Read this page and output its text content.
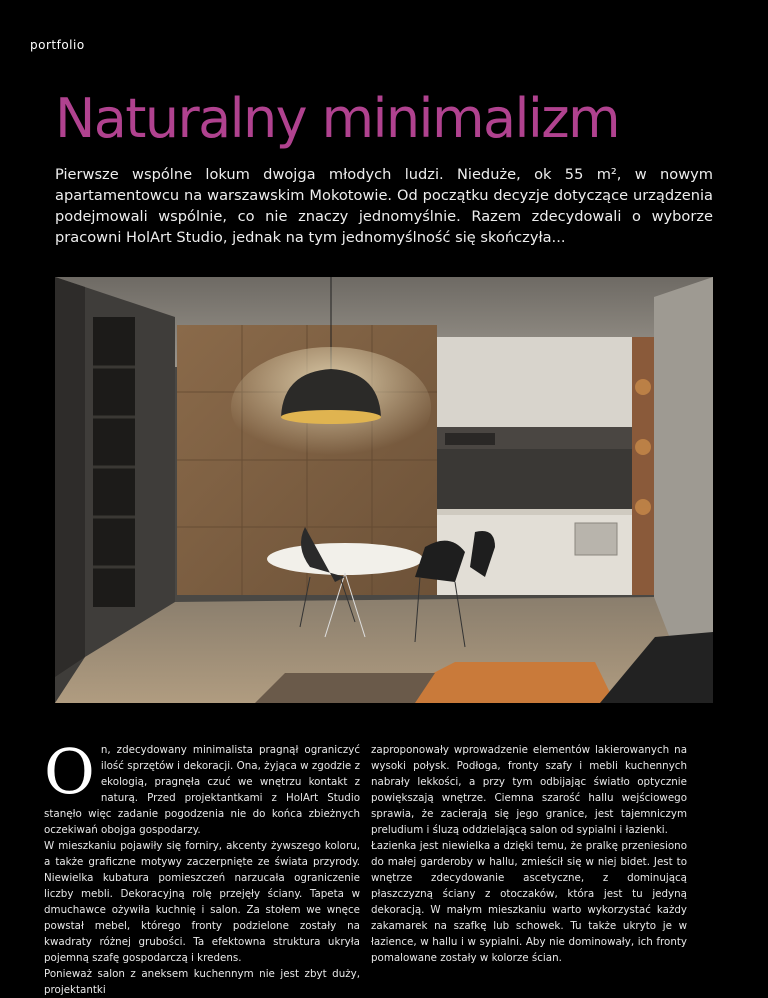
portfolio
Naturalny minimalizm

Pierwsze wspólne lokum dwojga młodych ludzi. Nieduże, ok 55 m², w nowym apartamentowcu na warszawskim Mokotowie. Od początku decyzje dotyczące urządzenia podejmowali wspólnie, co nie znaczy jednomyślnie. Razem zdecydowali o wyborze pracowni HolArt Studio, jednak na tym jednomyślność się skończyła...

O n, zdecydowany minimalista pragnął ograniczyć ilość sprzętów i dekoracji. Ona, żyjąca w zgodzie z ekologią, pragnęła czuć we wnętrzu kontakt z naturą. Przed projektantkami z HolArt Studio stanęło więc zadanie pogodzenia nie do końca zbieżnych oczekiwań obojga gospodarzy.

W mieszkaniu pojawiły się forniry, akcenty żywszego koloru, a także graficzne motywy zaczerpnięte ze świata przyrody. Niewielka kubatura pomieszczeń narzucała ograniczenie liczby mebli. Dekoracyjną rolę przejęły ściany. Tapeta w dmuchawce ożywiła kuchnię i salon. Za stołem we wnęce powstał mebel, którego fronty podzielone zostały na kwadraty różnej grubości. Ta efektowna struktura ukryła pojemną szafę gospodarczą i kredens.

Ponieważ salon z aneksem kuchennym nie jest zbyt duży, projektantki

zaproponowały wprowadzenie elementów lakierowanych na wysoki połysk. Podłoga, fronty szafy i mebli kuchennych nabrały lekkości, a przy tym odbijając światło optycznie powiększają wnętrze. Ciemna szarość hallu wejściowego sprawia, że zacierają się jego granice, jest tajemniczym preludium i śluzą oddzielającą salon od sypialni i łazienki.

Łazienka jest niewielka a dzięki temu, że pralkę przeniesiono do małej garderoby w hallu, zmieścił się w niej bidet. Jest to wnętrze zdecydowanie ascetyczne, z dominującą płaszczyzną ściany z otoczaków, która jest tu jedyną dekoracją. W małym mieszkaniu warto wykorzystać każdy zakamarek na szafkę lub schowek. Tu także ukryto je w łazience, w hallu i w sypialni. Aby nie dominowały, ich fronty pomalowane zostały w kolorze ścian.
